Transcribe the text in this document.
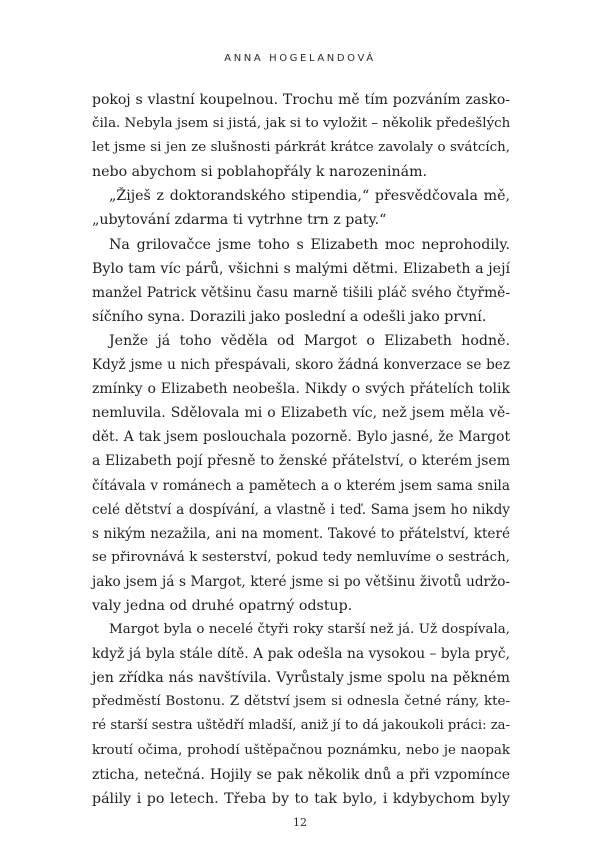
ANNA HOGELANDOVÁ
pokoj s vlastní koupelnou. Trochu mě tím pozváním zasko-
čila. Nebyla jsem si jistá, jak si to vyložit – několik předešlých
let jsme si jen ze slušnosti párkrát krátce zavolaly o svátcích,
nebo abychom si poblahopřály k narozeninám.
„Žiješ z doktorandského stipendia,“ přesvědčovala mě,
„ubytování zdarma ti vytrhne trn z paty.“
Na grilovačce jsme toho s Elizabeth moc neprohodily.
Bylo tam víc párů, všichni s malými dětmi. Elizabeth a její
manžel Patrick většinu času marně tišili pláč svého čtyřmě-
síčního syna. Dorazili jako poslední a odešli jako první.
Jenže já toho věděla od Margot o Elizabeth hodně.
Když jsme u nich přespávali, skoro žádná konverzace se bez
zmínky o Elizabeth neobešla. Nikdy o svých přátelích tolik
nemluvila. Sdělovala mi o Elizabeth víc, než jsem měla vě-
dět. A tak jsem poslouchala pozorně. Bylo jasné, že Margot
a Elizabeth pojí přesně to ženské přátelství, o kterém jsem
čítávala v románech a pamětech a o kterém jsem sama snila
celé dětství a dospívání, a vlastně i teď. Sama jsem ho nikdy
s nikým nezažila, ani na moment. Takové to přátelství, které
se přirovnává k sesterství, pokud tedy nemluvíme o sestrách,
jako jsem já s Margot, které jsme si po většinu životů udržo-
valy jedna od druhé opatrný odstup.
Margot byla o necelé čtyři roky starší než já. Už dospívala,
když já byla stále dítě. A pak odešla na vysokou – byla pryč,
jen zřídka nás navštívila. Vyrůstaly jsme spolu na pěkném
předměstí Bostonu. Z dětství jsem si odnesla četné rány, kte-
ré starší sestra uštědří mladší, aniž jí to dá jakoukoli práci: za-
kroutí očima, prohodí uštěpačnou poznámku, nebo je naopak
zticha, netečná. Hojily se pak několik dnů a při vzpomínce
pálily i po letech. Třeba by to tak bylo, i kdybychom byly
12
